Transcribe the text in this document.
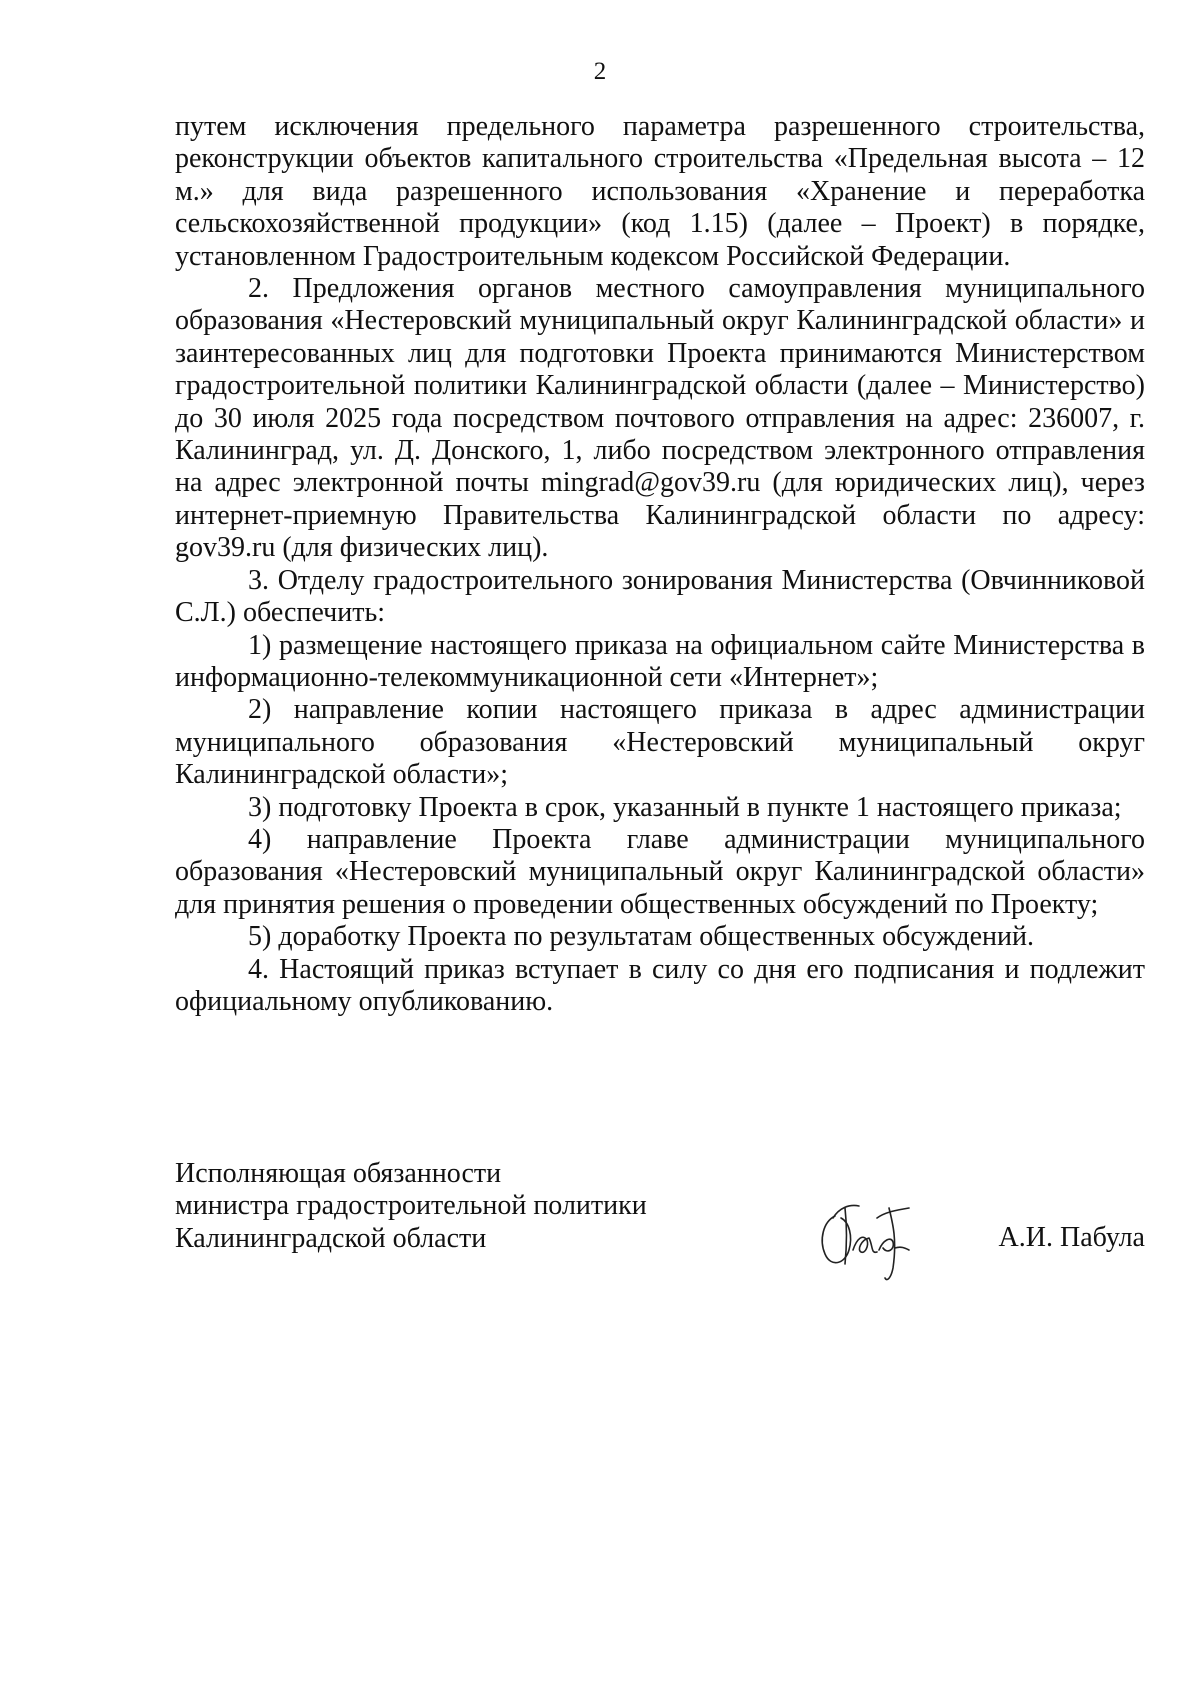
2

путем исключения предельного параметра разрешенного строительства, реконструкции объектов капитального строительства «Предельная высота – 12 м.» для вида разрешенного использования «Хранение и переработка сельскохозяйственной продукции» (код 1.15) (далее – Проект) в порядке, установленном Градостроительным кодексом Российской Федерации.

2. Предложения органов местного самоуправления муниципального образования «Нестеровский муниципальный округ Калининградской области» и заинтересованных лиц для подготовки Проекта принимаются Министерством градостроительной политики Калининградской области (далее – Министерство) до 30 июля 2025 года посредством почтового отправления на адрес: 236007, г. Калининград, ул. Д. Донского, 1, либо посредством электронного отправления на адрес электронной почты mingrad@gov39.ru (для юридических лиц), через интернет-приемную Правительства Калининградской области по адресу: gov39.ru (для физических лиц).

3. Отделу градостроительного зонирования Министерства (Овчинниковой С.Л.) обеспечить:

1) размещение настоящего приказа на официальном сайте Министерства в информационно-телекоммуникационной сети «Интернет»;

2) направление копии настоящего приказа в адрес администрации муниципального образования «Нестеровский муниципальный округ Калининградской области»;

3) подготовку Проекта в срок, указанный в пункте 1 настоящего приказа;

4) направление Проекта главе администрации муниципального образования «Нестеровский муниципальный округ Калининградской области» для принятия решения о проведении общественных обсуждений по Проекту;

5) доработку Проекта по результатам общественных обсуждений.

4. Настоящий приказ вступает в силу со дня его подписания и подлежит официальному опубликованию.

Исполняющая обязанности
министра градостроительной политики
Калининградской области	А.И. Пабула
